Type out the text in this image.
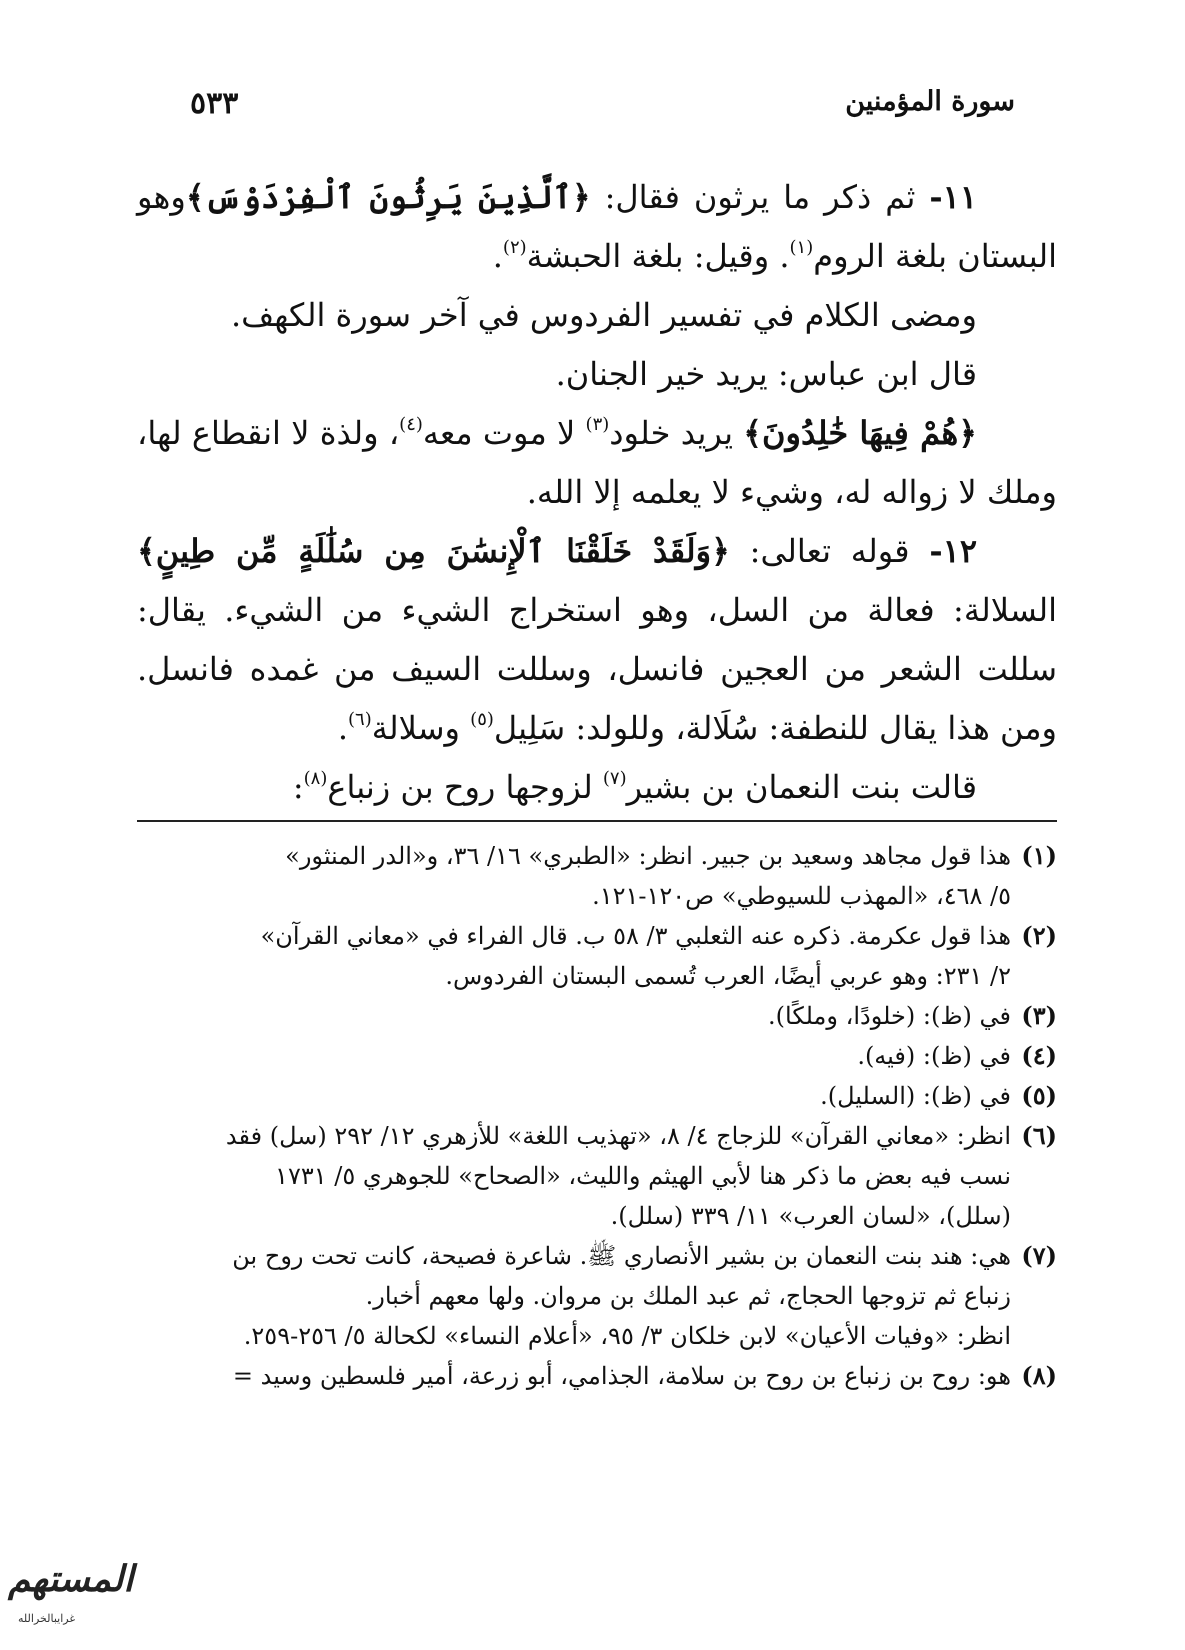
سورة المؤمنين
٥٣٣

١١- ثم ذكر ما يرثون فقال: ﴿ٱلَّذِينَ يَرِثُونَ ٱلْفِرْدَوْسَ﴾وهو البستان بلغة الروم$^{(١)}$. وقيل: بلغة الحبشة$^{(٢)}$.

ومضى الكلام في تفسير الفردوس في آخر سورة الكهف.

قال ابن عباس: يريد خير الجنان.

﴿هُمْ فِيهَا خَٰلِدُونَ﴾ يريد خلود$^{(٣)}$ لا موت معه$^{(٤)}$، ولذة لا انقطاع لها، وملك لا زواله له، وشيء لا يعلمه إلا الله.

١٢- قوله تعالى: ﴿وَلَقَدْ خَلَقْنَا ٱلْإِنسَٰنَ مِن سُلَٰلَةٍ مِّن طِينٍ﴾ السلالة: فعالة من السل، وهو استخراج الشيء من الشيء. يقال: سللت الشعر من العجين فانسل، وسللت السيف من غمده فانسل. ومن هذا يقال للنطفة: سُلَالة، وللولد: سَلِيل$^{(٥)}$ وسلالة$^{(٦)}$.

قالت بنت النعمان بن بشير$^{(٧)}$ لزوجها روح بن زنباع$^{(٨)}$:

(١)
هذا قول مجاهد وسعيد بن جبير. انظر: «الطبري» ١٦/ ٣٦، و«الدر المنثور»
٥/ ٤٦٨، «المهذب للسيوطي» ص١٢٠-١٢١.
(٢)
هذا قول عكرمة. ذكره عنه الثعلبي ٣/ ٥٨ ب. قال الفراء في «معاني القرآن»
٢/ ٢٣١: وهو عربي أيضًا، العرب تُسمى البستان الفردوس.
(٣)
في (ظ): (خلودًا، وملكًا).
(٤)
في (ظ): (فيه).
(٥)
في (ظ): (السليل).
(٦)
انظر: «معاني القرآن» للزجاج ٤/ ٨، «تهذيب اللغة» للأزهري ١٢/ ٢٩٢ (سل) فقد
نسب فيه بعض ما ذكر هنا لأبي الهيثم والليث، «الصحاح» للجوهري ٥/ ١٧٣١
(سلل)، «لسان العرب» ١١/ ٣٣٩ (سلل).
(٧)
هي: هند بنت النعمان بن بشير الأنصاري ﷺ. شاعرة فصيحة، كانت تحت روح بن
زنباع ثم تزوجها الحجاج، ثم عبد الملك بن مروان. ولها معهم أخبار.
انظر: «وفيات الأعيان» لابن خلكان ٣/ ٩٥، «أعلام النساء» لكحالة ٥/ ٢٥٦-٢٥٩.
(٨)
هو: روح بن زنباع بن روح بن سلامة، الجذامي، أبو زرعة، أمير فلسطين وسيد =
المستهم
غرايبالخرالله
